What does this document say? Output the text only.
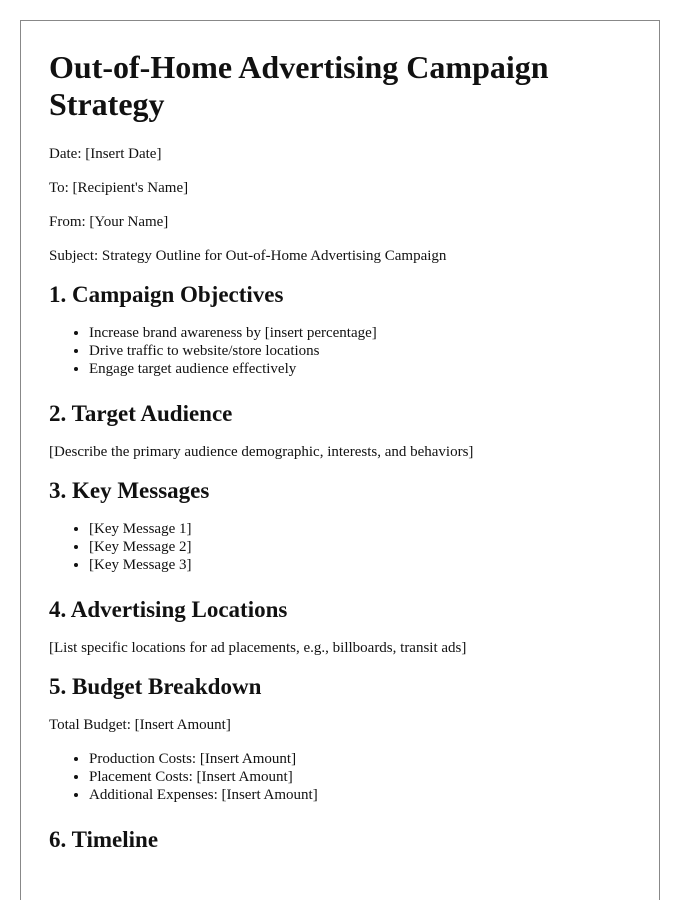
Out-of-Home Advertising Campaign Strategy

Date: [Insert Date]

To: [Recipient's Name]

From: [Your Name]

Subject: Strategy Outline for Out-of-Home Advertising Campaign

1. Campaign Objectives
• Increase brand awareness by [insert percentage]
• Drive traffic to website/store locations
• Engage target audience effectively
2. Target Audience

[Describe the primary audience demographic, interests, and behaviors]

3. Key Messages
• [Key Message 1]
• [Key Message 2]
• [Key Message 3]
4. Advertising Locations

[List specific locations for ad placements, e.g., billboards, transit ads]

5. Budget Breakdown

Total Budget: [Insert Amount]

• Production Costs: [Insert Amount]
• Placement Costs: [Insert Amount]
• Additional Expenses: [Insert Amount]
6. Timeline
